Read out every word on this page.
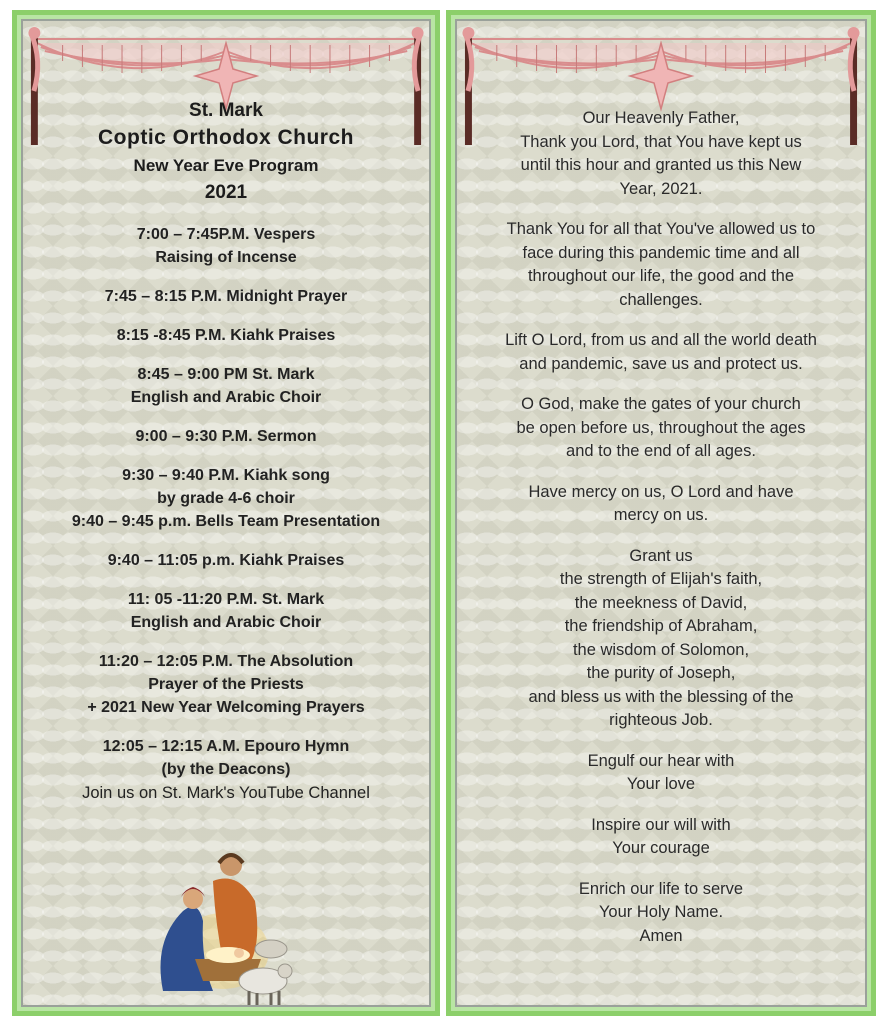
St. Mark
Coptic Orthodox Church
New Year Eve Program
2021
7:00 – 7:45P.M. Vespers
Raising of Incense
7:45 – 8:15 P.M. Midnight Prayer
8:15 -8:45 P.M. Kiahk Praises
8:45 – 9:00 PM St. Mark
English and Arabic Choir
9:00 – 9:30 P.M. Sermon
9:30 – 9:40 P.M. Kiahk song
by grade 4-6 choir
9:40 – 9:45 p.m. Bells Team Presentation
9:40 – 11:05 p.m. Kiahk Praises
11: 05 -11:20 P.M. St. Mark
English and Arabic Choir
11:20 – 12:05 P.M. The Absolution
Prayer of the Priests
+ 2021 New Year Welcoming Prayers
12:05 – 12:15 A.M. Epouro Hymn
(by the Deacons)
Join us on St. Mark's YouTube Channel
Our Heavenly Father,
Thank you Lord, that You have kept us
until this hour and granted us this New
Year, 2021.
Thank You for all that You've allowed us to
face during this pandemic time and all
throughout our life, the good and the
challenges.
Lift O Lord, from us and all the world death
and pandemic, save us and protect us.
O God, make the gates of your church
be open before us, throughout the ages
and to the end of all ages.
Have mercy on us, O Lord and have
mercy on us.
Grant us
the strength of Elijah's faith,
the meekness of David,
the friendship of Abraham,
the wisdom of Solomon,
the purity of Joseph,
and bless us with the blessing of the
righteous Job.
Engulf our hear with
Your love
Inspire our will with
Your courage
Enrich our life to serve
Your Holy Name.
Amen
